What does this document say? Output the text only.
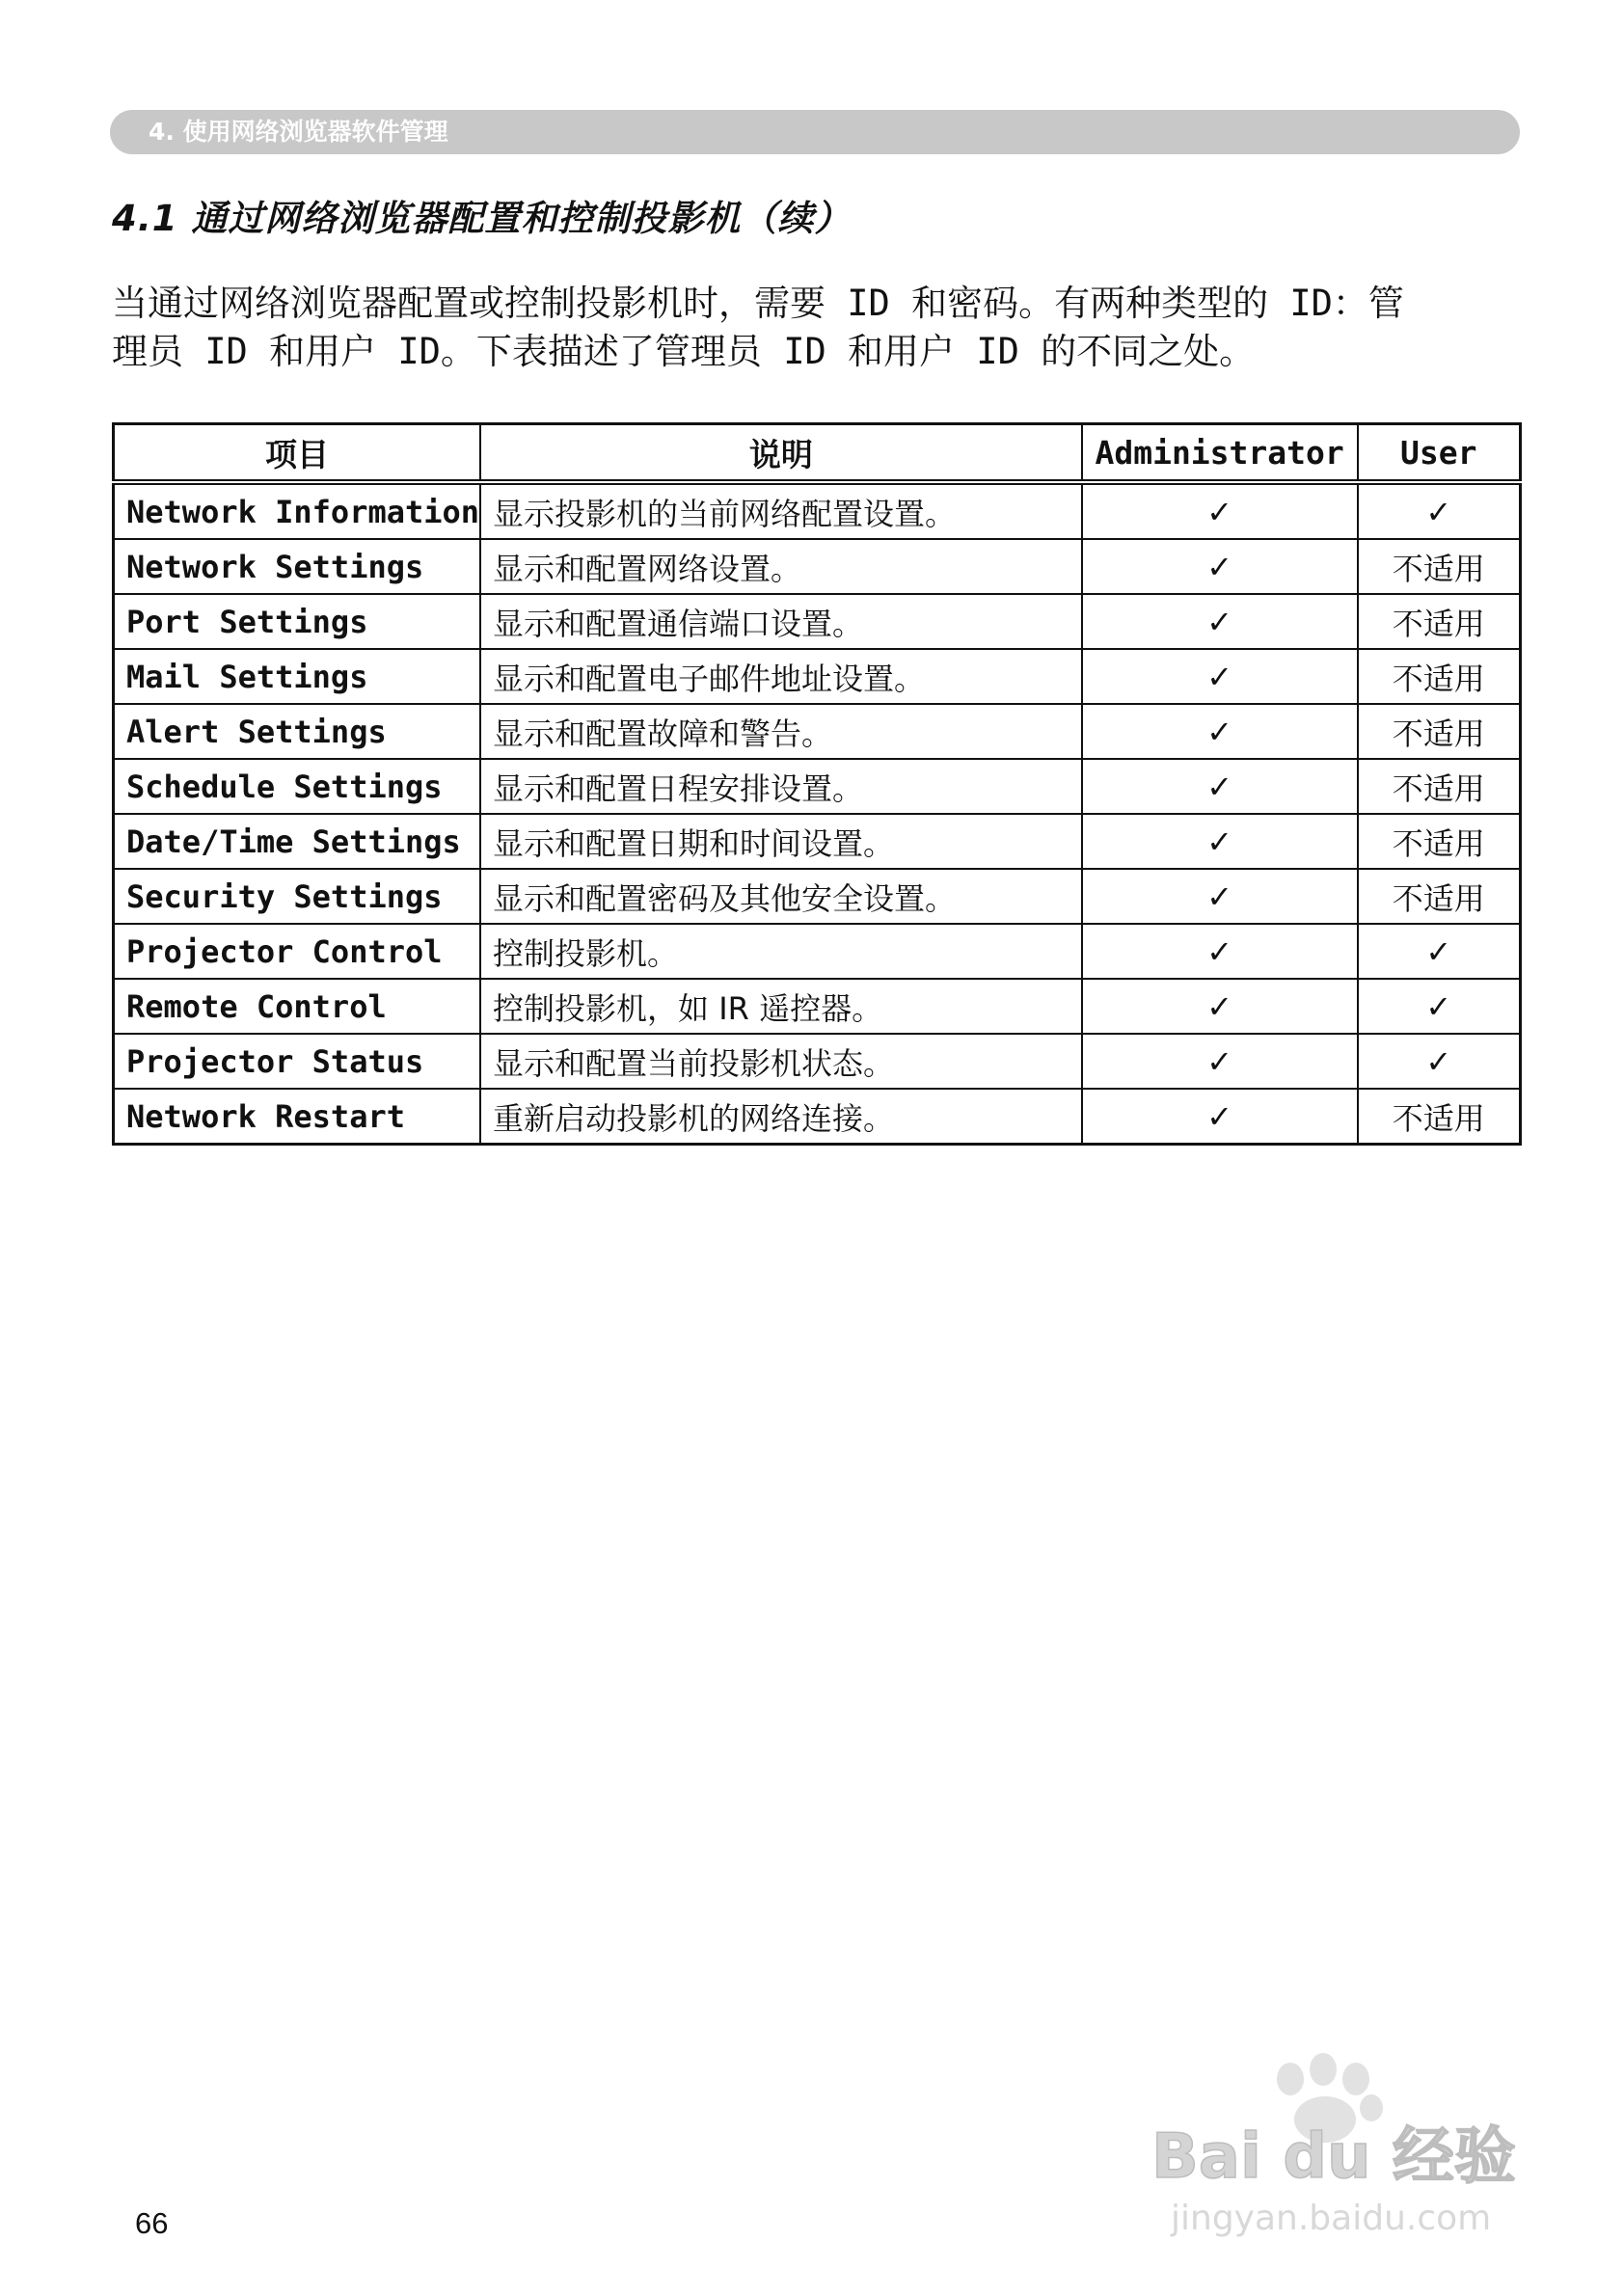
4. 使用网络浏览器软件管理
4.1 通过网络浏览器配置和控制投影机（续）

当通过网络浏览器配置或控制投影机时，需要 ID 和密码。有两种类型的 ID：管

理员 ID 和用户 ID。下表描述了管理员 ID 和用户 ID 的不同之处。

项目	说明	Administrator	User
Network Information	显示投影机的当前网络配置设置。	✓	✓
Network Settings	显示和配置网络设置。	✓	不适用
Port Settings	显示和配置通信端口设置。	✓	不适用
Mail Settings	显示和配置电子邮件地址设置。	✓	不适用
Alert Settings	显示和配置故障和警告。	✓	不适用
Schedule Settings	显示和配置日程安排设置。	✓	不适用
Date/Time Settings	显示和配置日期和时间设置。	✓	不适用
Security Settings	显示和配置密码及其他安全设置。	✓	不适用
Projector Control	控制投影机。	✓	✓
Remote Control	控制投影机，如 IR 遥控器。	✓	✓
Projector Status	显示和配置当前投影机状态。	✓	✓
Network Restart	重新启动投影机的网络连接。	✓	不适用
66
Bai du 经验
jingyan.baidu.com
